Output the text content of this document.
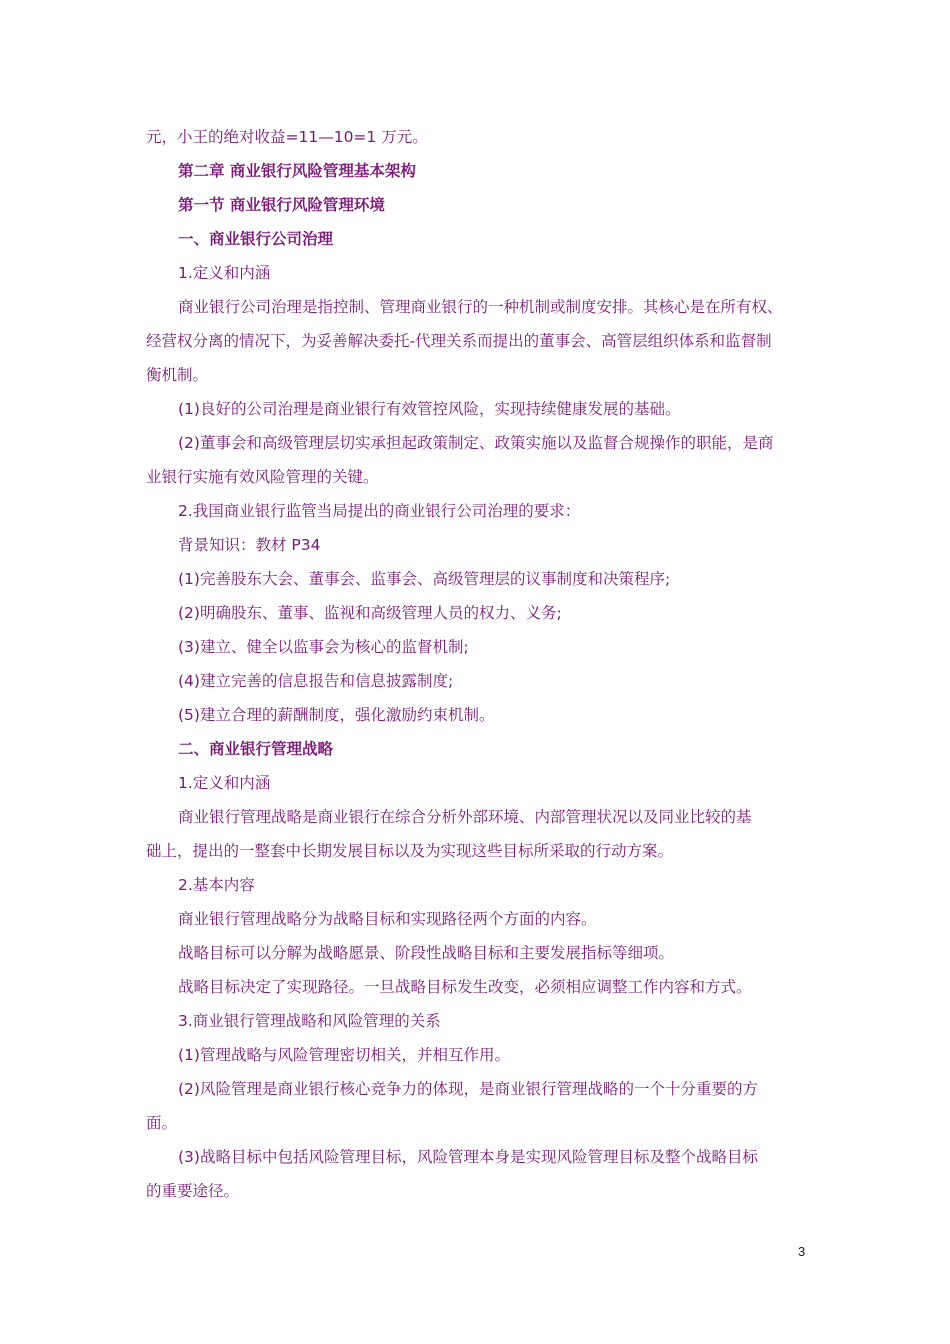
元，小王的绝对收益=11—10=1 万元。
第二章 商业银行风险管理基本架构
第一节 商业银行风险管理环境
一、商业银行公司治理
1.定义和内涵
商业银行公司治理是指控制、管理商业银行的一种机制或制度安排。其核心是在所有权、
经营权分离的情况下，为妥善解决委托-代理关系而提出的董事会、高管层组织体系和监督制
衡机制。
(1)良好的公司治理是商业银行有效管控风险，实现持续健康发展的基础。
(2)董事会和高级管理层切实承担起政策制定、政策实施以及监督合规操作的职能，是商
业银行实施有效风险管理的关键。
2.我国商业银行监管当局提出的商业银行公司治理的要求：
背景知识：教材 P34
(1)完善股东大会、董事会、监事会、高级管理层的议事制度和决策程序;
(2)明确股东、董事、监视和高级管理人员的权力、义务;
(3)建立、健全以监事会为核心的监督机制;
(4)建立完善的信息报告和信息披露制度;
(5)建立合理的薪酬制度，强化激励约束机制。
二、商业银行管理战略
1.定义和内涵
商业银行管理战略是商业银行在综合分析外部环境、内部管理状况以及同业比较的基
础上，提出的一整套中长期发展目标以及为实现这些目标所采取的行动方案。
2.基本内容
商业银行管理战略分为战略目标和实现路径两个方面的内容。
战略目标可以分解为战略愿景、阶段性战略目标和主要发展指标等细项。
战略目标决定了实现路径。一旦战略目标发生改变，必须相应调整工作内容和方式。
3.商业银行管理战略和风险管理的关系
(1)管理战略与风险管理密切相关，并相互作用。
(2)风险管理是商业银行核心竞争力的体现，是商业银行管理战略的一个十分重要的方
面。
(3)战略目标中包括风险管理目标，风险管理本身是实现风险管理目标及整个战略目标
的重要途径。
3
